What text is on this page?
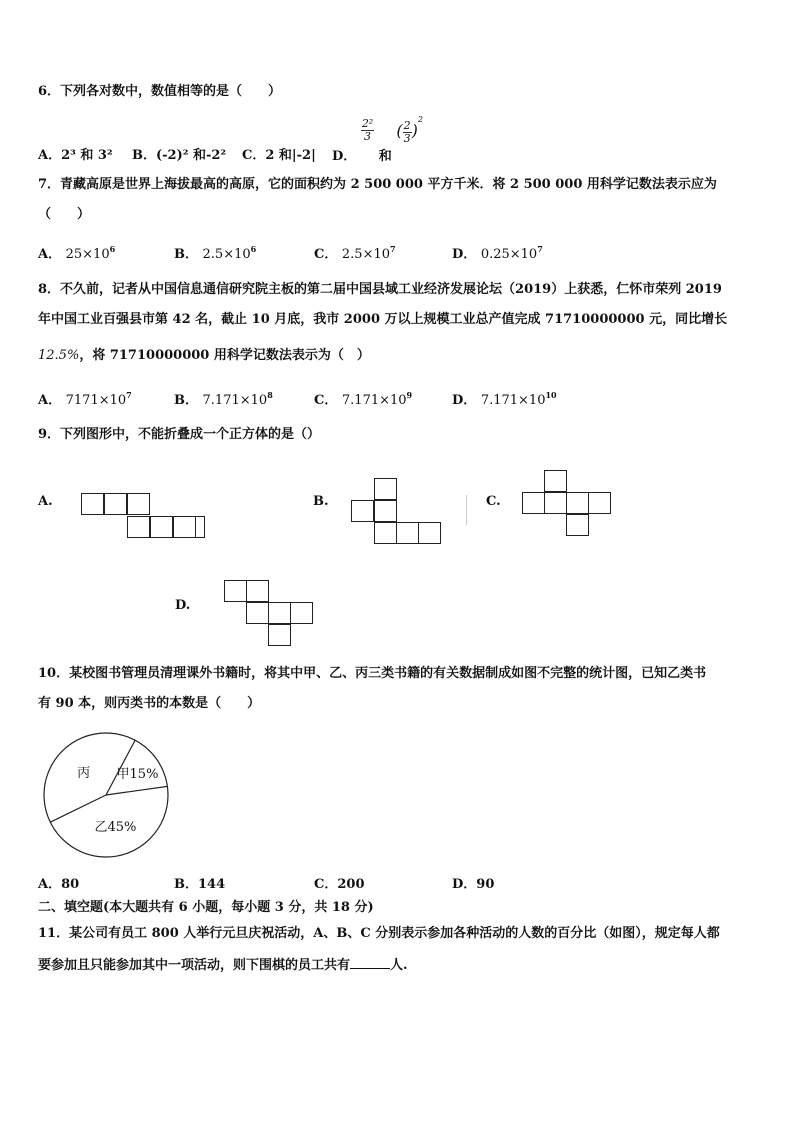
6．下列各对数中，数值相等的是（　　）
A．2³ 和 3² B．(-2)² 和-2² C．2 和|-2| D．
$\frac{\text{2²}}{3}$
和 ( $\frac{2}{3} )^2$
7．青藏高原是世界上海拔最高的高原，它的面积约为 2 500 000 平方千米．将 2 500 000 用科学记数法表示应为
（　　）
A． $25\times 10^6$	B． $2.5\times 10^6$	C． $2.5\times 10^7$	D． $0.25\times 10^7$
8．不久前，记者从中国信息通信研究院主板的第二届中国县域工业经济发展论坛（2019）上获悉，仁怀市荣列 2019
年中国工业百强县市第 42 名，截止 10 月底，我市 2000 万以上规模工业总产值完成 71710000000 元，同比增长
12.5%，将 71710000000 用科学记数法表示为（　）
A． $7171\times 10^7$	B． $7.171\times 10^8$	C． $7.171\times 10^9$	D． $7.171\times 10^{10}$
9．下列图形中，不能折叠成一个正方体的是（）
A.	B.	C.
D.
10．某校图书管理员清理课外书籍时，将其中甲、乙、丙三类书籍的有关数据制成如图不完整的统计图，已知乙类书
有 90 本，则丙类书的本数是（　　）
甲15%
乙45%
丙
A．80	B．144	C．200	D．90
二、填空题(本大题共有 6 小题，每小题 3 分，共 18 分)
11．某公司有员工 800 人举行元旦庆祝活动，A、B、C 分别表示参加各种活动的人数的百分比（如图），规定每人都
要参加且只能参加其中一项活动，则下围棋的员工共有	人.
